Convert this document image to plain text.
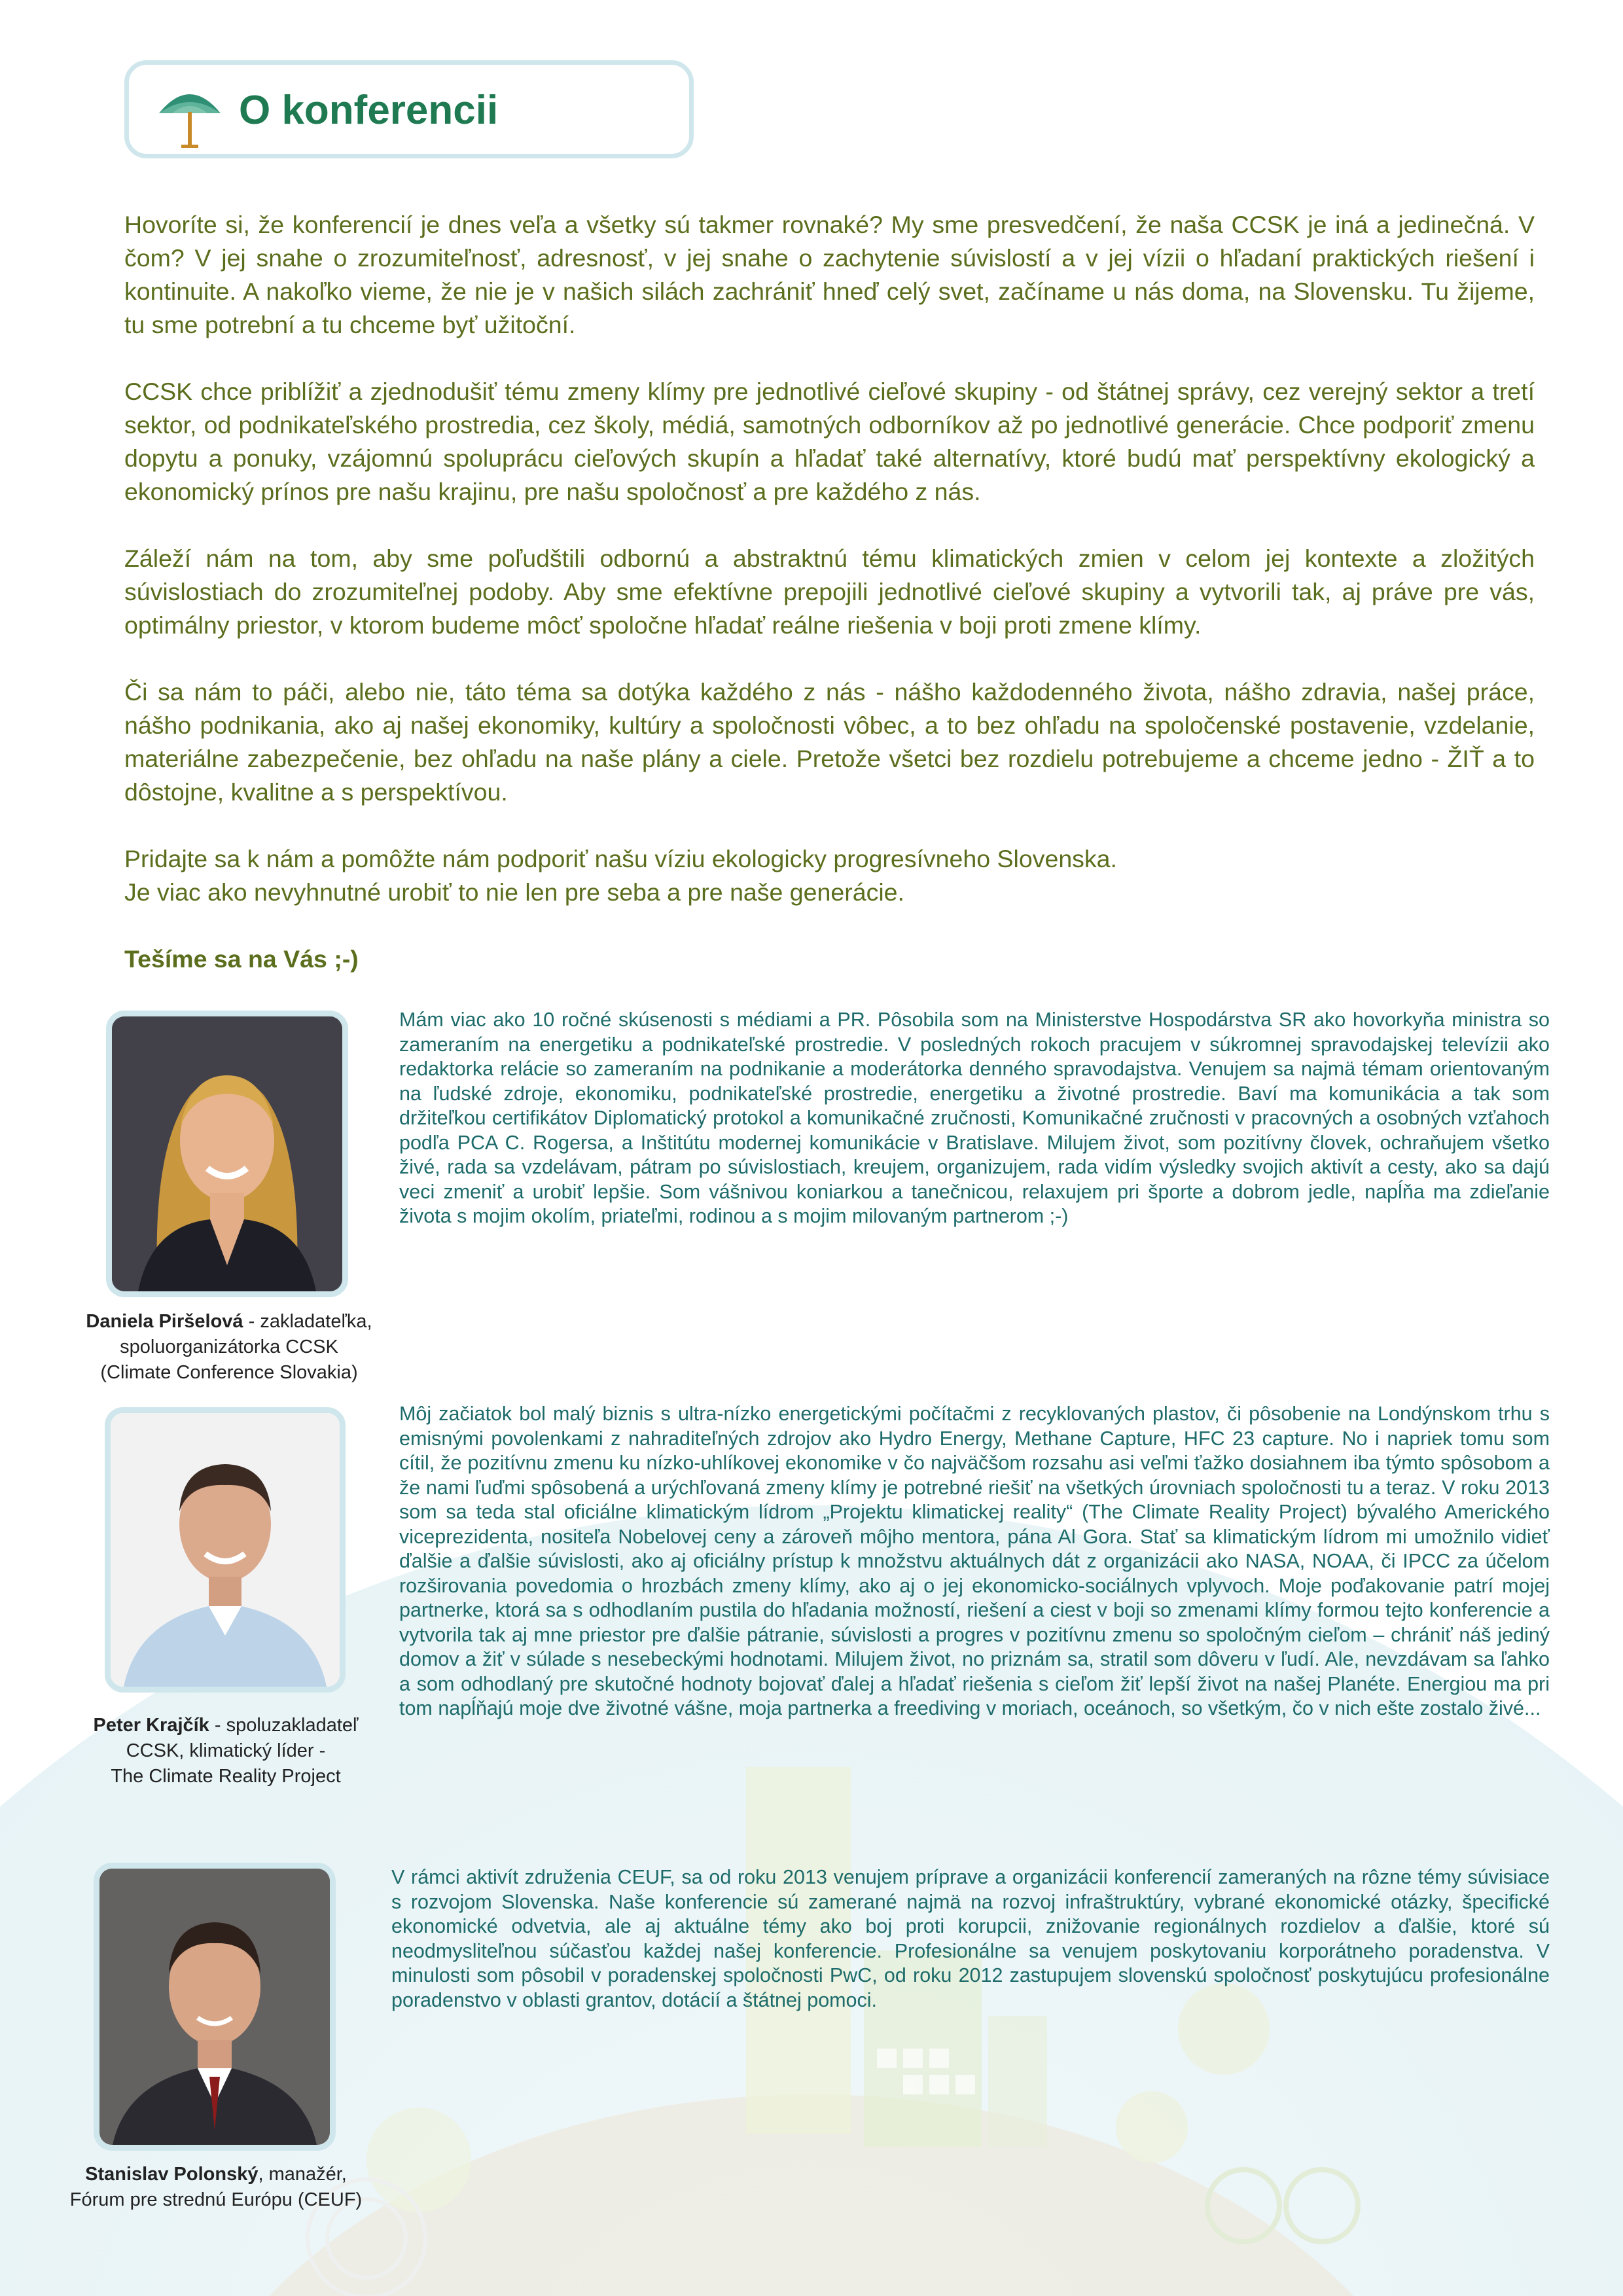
O konferencii

Hovoríte si, že konferencií je dnes veľa a všetky sú takmer rovnaké? My sme presvedčení, že naša CCSK je iná a jedinečná. V čom? V jej snahe o zrozumiteľnosť, adresnosť, v jej snahe o zachytenie súvislostí a v jej vízii o hľadaní praktických riešení i kontinuite. A nakoľko vieme, že nie je v našich silách zachrániť hneď celý svet, začíname u nás doma, na Slovensku. Tu žijeme, tu sme potrební a tu chceme byť užitoční.

CCSK chce priblížiť a zjednodušiť tému zmeny klímy pre jednotlivé cieľové skupiny - od štátnej správy, cez verejný sektor a tretí sektor, od podnikateľského prostredia, cez školy, médiá, samotných odborníkov až po jednotlivé generácie. Chce podporiť zmenu dopytu a ponuky, vzájomnú spoluprácu cieľových skupín a hľadať také alternatívy, ktoré budú mať perspektívny ekologický a ekonomický prínos pre našu krajinu, pre našu spoločnosť a pre každého z nás.

Záleží nám na tom, aby sme poľudštili odbornú a abstraktnú tému klimatických zmien v celom jej kontexte a zložitých súvislostiach do zrozumiteľnej podoby. Aby sme efektívne prepojili jednotlivé cieľové skupiny a vytvorili tak, aj práve pre vás, optimálny priestor, v ktorom budeme môcť spoločne hľadať reálne riešenia v boji proti zmene klímy.

Či sa nám to páči, alebo nie, táto téma sa dotýka každého z nás - nášho každodenného života, nášho zdravia, našej práce, nášho podnikania, ako aj našej ekonomiky, kultúry a spoločnosti vôbec, a to bez ohľadu na spoločenské postavenie, vzdelanie, materiálne zabezpečenie, bez ohľadu na naše plány a ciele. Pretože všetci bez rozdielu potrebujeme a chceme jedno - ŽIŤ a to dôstojne, kvalitne a s perspektívou.

Pridajte sa k nám a pomôžte nám podporiť našu víziu ekologicky progresívneho Slovenska.
Je viac ako nevyhnutné urobiť to nie len pre seba a pre naše generácie.

Tešíme sa na Vás ;-)

Daniela Piršelová - zakladateľka,
spoluorganizátorka CCSK
(Climate Conference Slovakia)
Mám viac ako 10 ročné skúsenosti s médiami a PR. Pôsobila som na Ministerstve Hospodárstva SR ako hovorkyňa ministra so zameraním na energetiku a podnikateľské prostredie. V posledných rokoch pracujem v súkromnej spravodajskej televízii ako redaktorka relácie so zameraním na podnikanie a moderátorka denného spravodajstva. Venujem sa najmä témam orientovaným na ľudské zdroje, ekonomiku, podnikateľské prostredie, energetiku a životné prostredie. Baví ma komunikácia a tak som držiteľkou certifikátov Diplomatický protokol a komunikačné zručnosti, Komunikačné zručnosti v pracovných a osobných vzťahoch podľa PCA C. Rogersa, a Inštitútu modernej komunikácie v Bratislave. Milujem život, som pozitívny človek, ochraňujem všetko živé, rada sa vzdelávam, pátram po súvislostiach, kreujem, organizujem, rada vidím výsledky svojich aktivít a cesty, ako sa dajú veci zmeniť a urobiť lepšie. Som vášnivou koniarkou a tanečnicou, relaxujem pri športe a dobrom jedle, napĺňa ma zdieľanie života s mojim okolím, priateľmi, rodinou a s mojim milovaným partnerom ;-)
Peter Krajčík - spoluzakladateľ
CCSK, klimatický líder -
The Climate Reality Project
Môj začiatok bol malý biznis s ultra-nízko energetickými počítačmi z recyklovaných plastov, či pôsobenie na Londýnskom trhu s emisnými povolenkami z nahraditeľných zdrojov ako Hydro Energy, Methane Capture, HFC 23 capture. No i napriek tomu som cítil, že pozitívnu zmenu ku nízko-uhlíkovej ekonomike v čo najväčšom rozsahu asi veľmi ťažko dosiahnem iba týmto spôsobom a že nami ľuďmi spôsobená a urýchľovaná zmeny klímy je potrebné riešiť na všetkých úrovniach spoločnosti tu a teraz. V roku 2013 som sa teda stal oficiálne klimatickým lídrom „Projektu klimatickej reality“ (The Climate Reality Project) bývalého Amerického viceprezidenta, nositeľa Nobelovej ceny a zároveň môjho mentora, pána Al Gora. Stať sa klimatickým lídrom mi umožnilo vidieť ďalšie a ďalšie súvislosti, ako aj oficiálny prístup k množstvu aktuálnych dát z organizácii ako NASA, NOAA, či IPCC za účelom rozširovania povedomia o hrozbách zmeny klímy, ako aj o jej ekonomicko-sociálnych vplyvoch. Moje poďakovanie patrí mojej partnerke, ktorá sa s odhodlaním pustila do hľadania možností, riešení a ciest v boji so zmenami klímy formou tejto konferencie a vytvorila tak aj mne priestor pre ďalšie pátranie, súvislosti a progres v pozitívnu zmenu so spoločným cieľom – chrániť náš jediný domov a žiť v súlade s nesebeckými hodnotami. Milujem život, no priznám sa, stratil som dôveru v ľudí. Ale, nevzdávam sa ľahko a som odhodlaný pre skutočné hodnoty bojovať ďalej a hľadať riešenia s cieľom žiť lepší život na našej Planéte. Energiou ma pri tom napĺňajú moje dve životné vášne, moja partnerka a freediving v moriach, oceánoch, so všetkým, čo v nich ešte zostalo živé...
Stanislav Polonský, manažér,
Fórum pre strednú Európu (CEUF)
V rámci aktivít združenia CEUF, sa od roku 2013 venujem príprave a organizácii konferencií zameraných na rôzne témy súvisiace s rozvojom Slovenska. Naše konferencie sú zamerané najmä na rozvoj infraštruktúry, vybrané ekonomické otázky, špecifické ekonomické odvetvia, ale aj aktuálne témy ako boj proti korupcii, znižovanie regionálnych rozdielov a ďalšie, ktoré sú neodmysliteľnou súčasťou každej našej konferencie. Profesionálne sa venujem poskytovaniu korporátneho poradenstva. V minulosti som pôsobil v poradenskej spoločnosti PwC, od roku 2012 zastupujem slovenskú spoločnosť poskytujúcu profesionálne poradenstvo v oblasti grantov, dotácií a štátnej pomoci.
